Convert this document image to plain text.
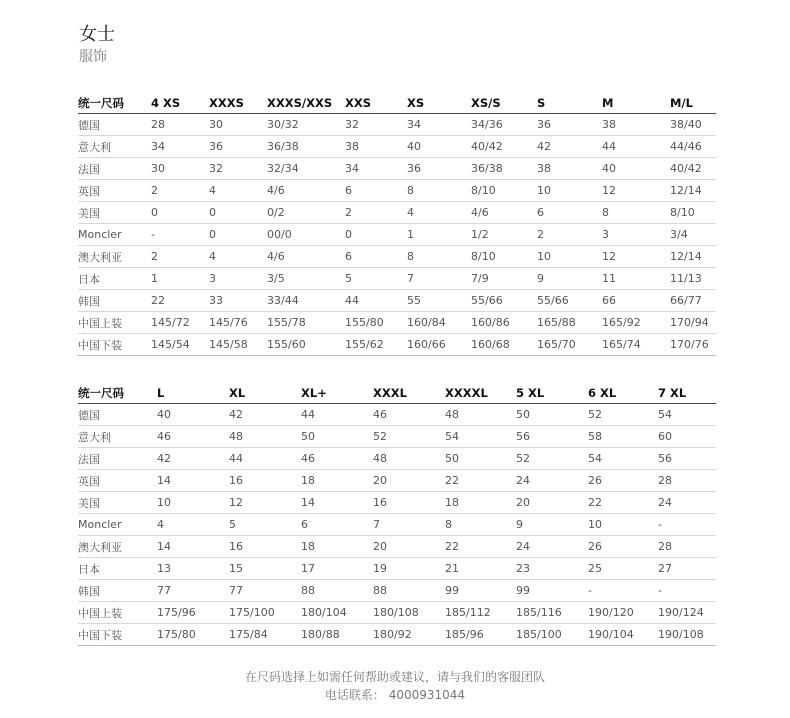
女士
服饰
统一尺码	4 XS	XXXS	XXXS/XXS	XXS	XS	XS/S	S	M	M/L
德国	28	30	30/32	32	34	34/36	36	38	38/40
意大利	34	36	36/38	38	40	40/42	42	44	44/46
法国	30	32	32/34	34	36	36/38	38	40	40/42
英国	2	4	4/6	6	8	8/10	10	12	12/14
美国	0	0	0/2	2	4	4/6	6	8	8/10
Moncler	-	0	00/0	0	1	1/2	2	3	3/4
澳大利亚	2	4	4/6	6	8	8/10	10	12	12/14
日本	1	3	3/5	5	7	7/9	9	11	11/13
韩国	22	33	33/44	44	55	55/66	55/66	66	66/77
中国上装	145/72	145/76	155/78	155/80	160/84	160/86	165/88	165/92	170/94
中国下装	145/54	145/58	155/60	155/62	160/66	160/68	165/70	165/74	170/76
统一尺码	L	XL	XL+	XXXL	XXXXL	5 XL	6 XL	7 XL
德国	40	42	44	46	48	50	52	54
意大利	46	48	50	52	54	56	58	60
法国	42	44	46	48	50	52	54	56
英国	14	16	18	20	22	24	26	28
美国	10	12	14	16	18	20	22	24
Moncler	4	5	6	7	8	9	10	-
澳大利亚	14	16	18	20	22	24	26	28
日本	13	15	17	19	21	23	25	27
韩国	77	77	88	88	99	99	-	-
中国上装	175/96	175/100	180/104	180/108	185/112	185/116	190/120	190/124
中国下装	175/80	175/84	180/88	180/92	185/96	185/100	190/104	190/108
在尺码选择上如需任何帮助或建议，请与我们的客服团队
电话联系： 4000931044
